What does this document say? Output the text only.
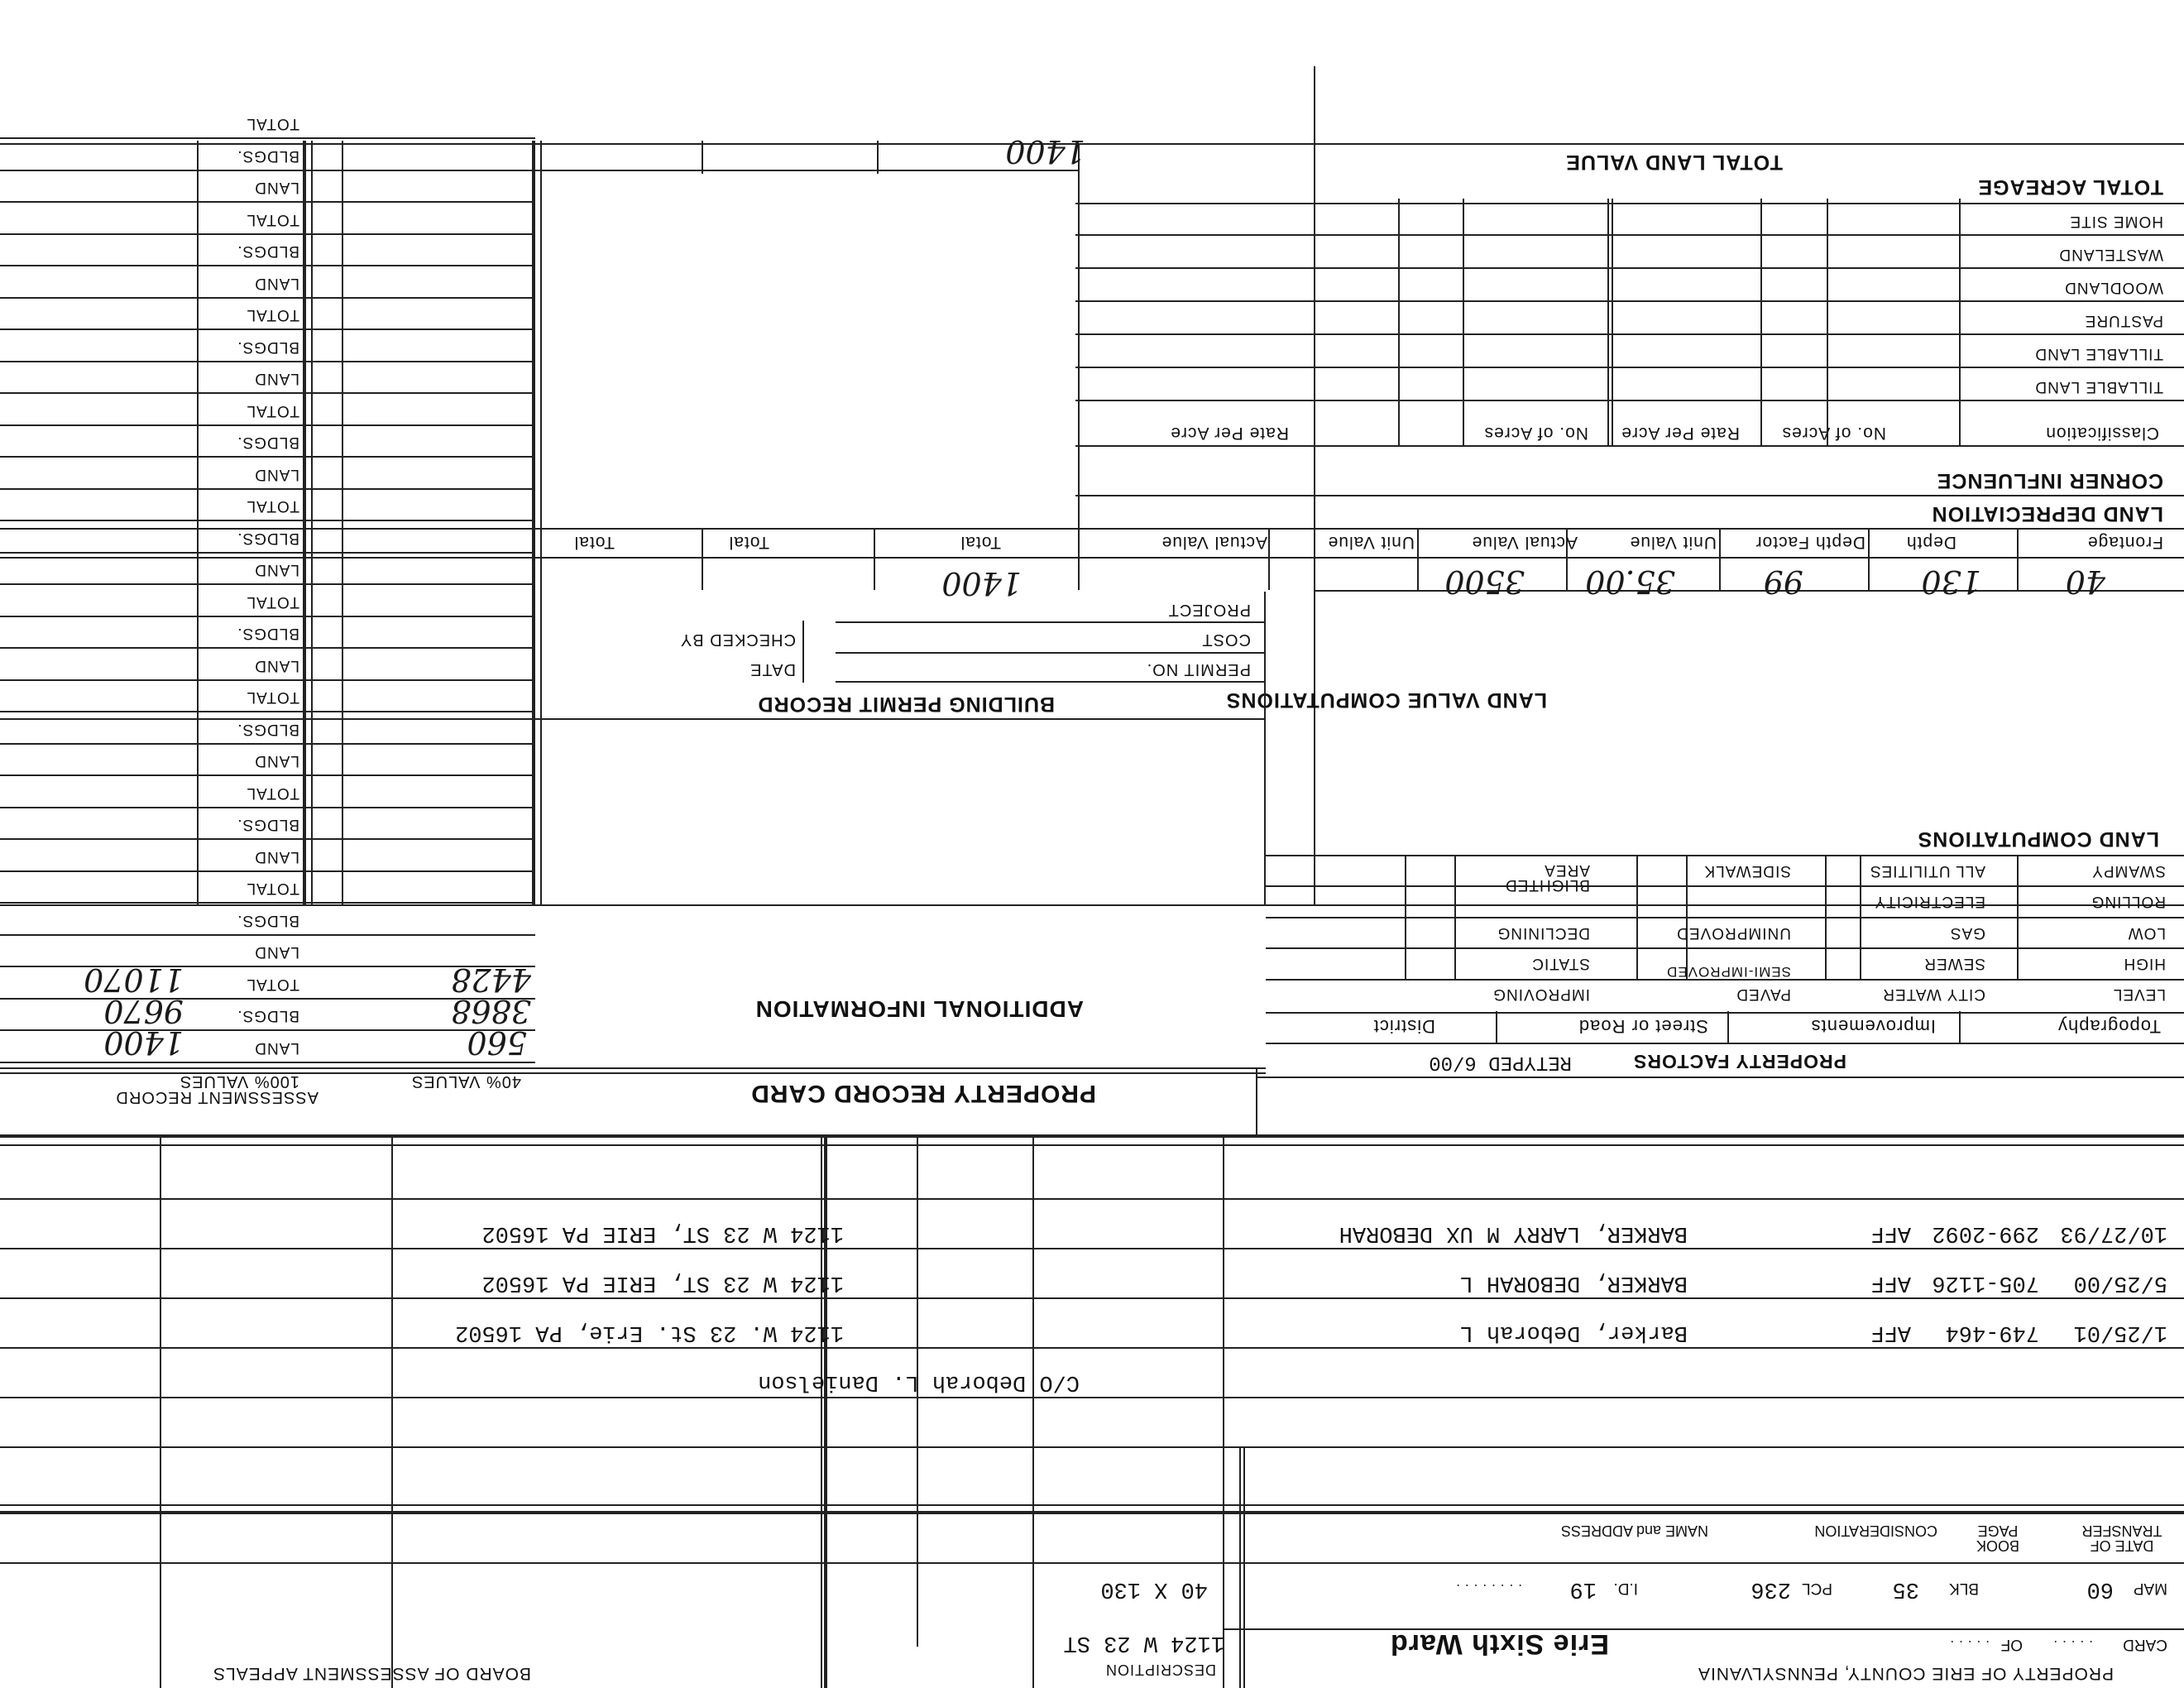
PROPERTY OF ERIE COUNTY, PENNSYLVANIA
BOARD OF ASSESSMENT APPEALS
TOTAL LAND VALUE
1400
TOTAL ACREAGE
HOME SITE
WASTELAND
WOODLAND
PASTURE
TILLABLE LAND
TILLABLE LAND
Classification
No. of Acres
Rate Per Acre
No. of Acres
Rate Per Acre
CORNER INFLUENCE
LAND DEPRECIATION
Frontage
Depth
Depth Factor
Unit Value
Actual Value
Unit Value
Actual Value
Total
Total
Total
40
130
99
35.00
3500
1400
LAND VALUE COMPUTATIONS
PROJECT
COST
CHECKED BY
PERMIT NO.
DATE
BUILDING PERMIT RECORD
LAND COMPUTATIONS
SWAMPY
ROLLING
LOW
HIGH
LEVEL
ALL UTILITIES
ELECTRICITY
GAS
SEWER
CITY WATER
SIDEWALK
UNIMPROVED
SEMI-IMPROVED
PAVED
BLIGHTED AREA
DECLINING
STATIC
IMPROVING
Topography
Improvements
Street or Road
District
PROPERTY FACTORS
RETYPED 6/00
ADDITIONAL INFORMATION
PROPERTY RECORD CARD
40% VALUES
ASSESSMENT RECORD
100% VALUES
LAND
BLDGS.
TOTAL
LAND
BLDGS.
TOTAL
LAND
BLDGS.
TOTAL
LAND
BLDGS.
TOTAL
LAND
BLDGS.
TOTAL
LAND
BLDGS.
TOTAL
LAND
BLDGS.
TOTAL
LAND
BLDGS.
TOTAL
LAND
BLDGS.
TOTAL
LAND
BLDGS.
TOTAL
560
3868
4428
1400
9670
11070
DATE OF TRANSFER
BOOK PAGE
CONSIDERATION
NAME and ADDRESS
10/27/93
299-2092
AFF
BARKER, LARRY M UX DEBORAH
1124 W 23 ST, ERIE PA 16502
5/25/00
705-1126
AFF
BARKER, DEBORAH L
1124 W 23 ST, ERIE PA 16502
1/25/01
749-464
AFF
Barker, Deborah L
1124 W. 23 St. Erie, PA 16502
C/O Deborah L. Danielson
MAP
60
BLK
35
PCL
236
I.D.
19
........
CARD
.....
OF
.....
Erie Sixth Ward
40 X 130
1124 W 23 ST
DESCRIPTION
